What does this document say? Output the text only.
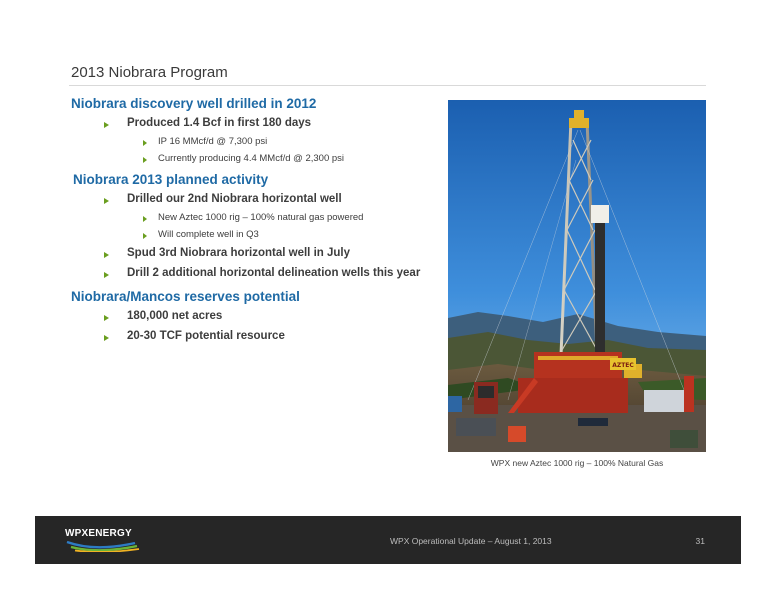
2013 Niobrara Program
Niobrara discovery well drilled in 2012
Produced 1.4 Bcf in first 180 days
IP 16 MMcf/d @ 7,300 psi
Currently producing 4.4 MMcf/d @ 2,300 psi
Niobrara 2013 planned activity
Drilled our 2nd Niobrara horizontal well
New Aztec 1000 rig – 100% natural gas powered
Will complete well in Q3
Spud 3rd Niobrara horizontal well in July
Drill 2 additional horizontal delineation wells this year
Niobrara/Mancos reserves potential
180,000 net acres
20-30 TCF potential resource
AZTEC
WPX new Aztec 1000 rig – 100% Natural Gas
WPXENERGY
WPX Operational Update – August 1, 2013	31
